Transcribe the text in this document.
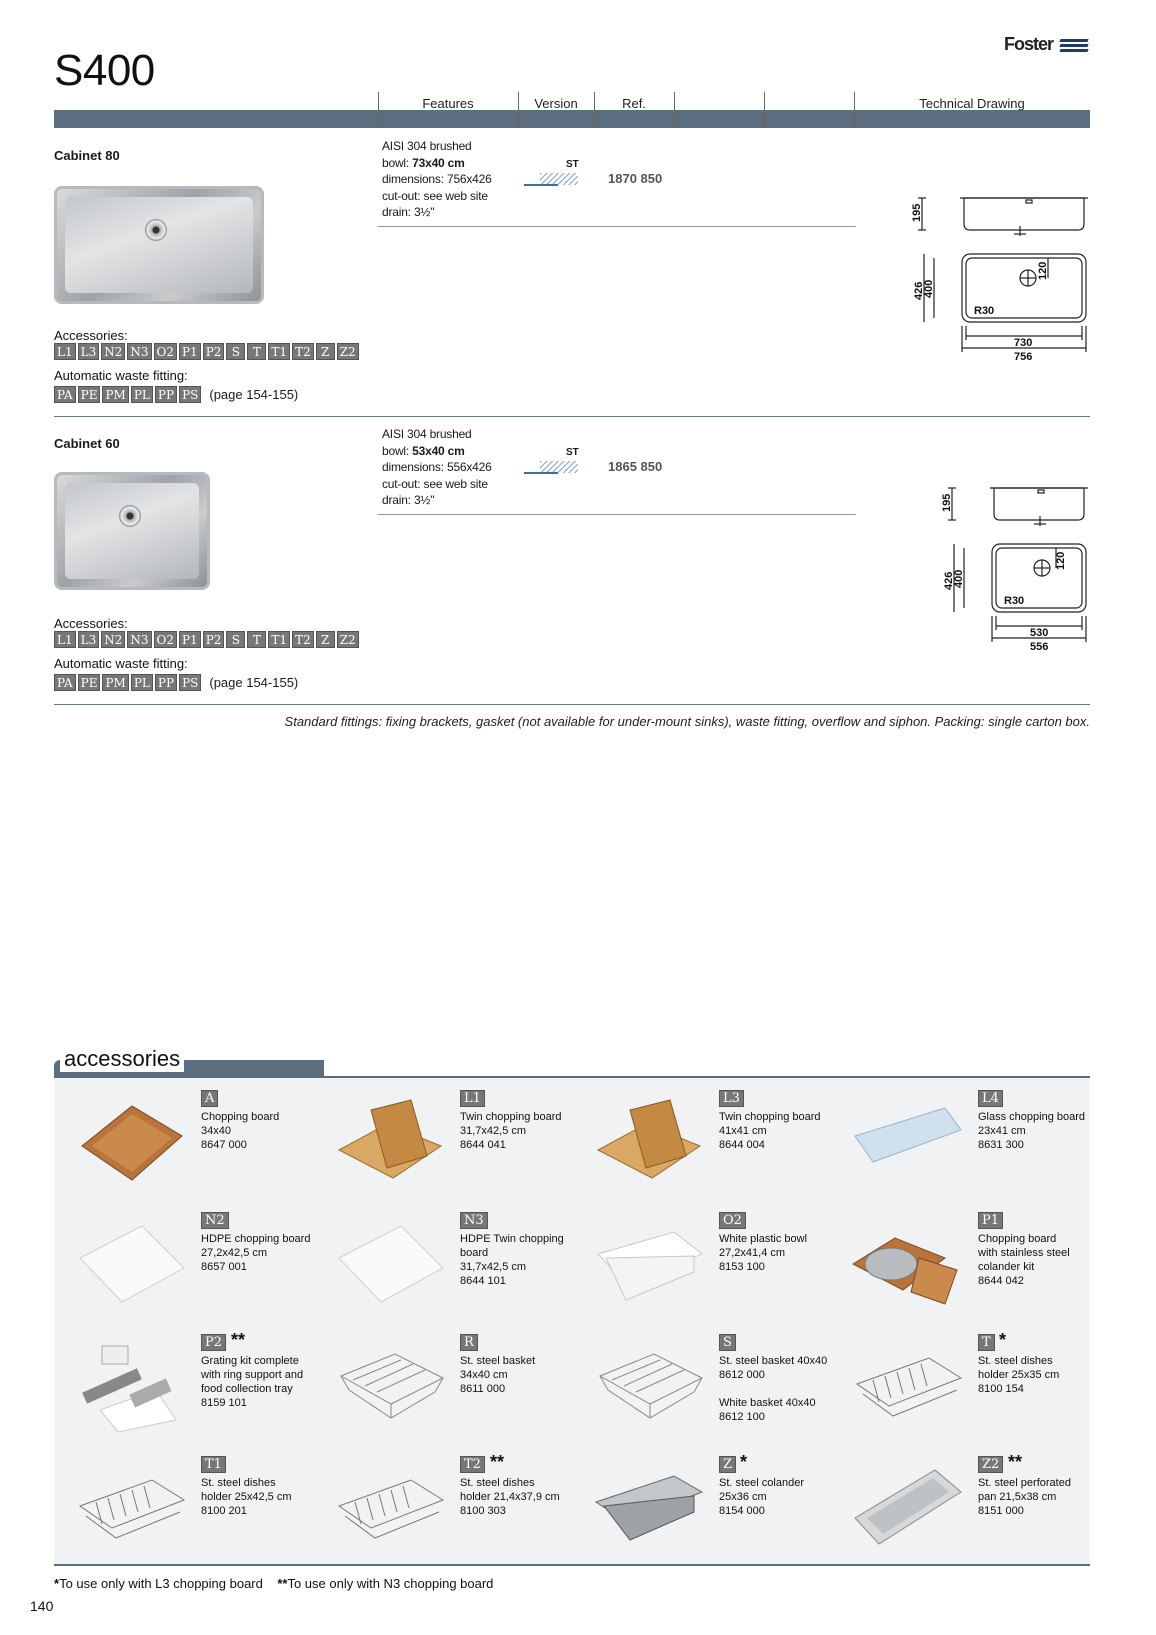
S400
Foster
Features	Version	Ref.	Technical Drawing
Cabinet 80
AISI 304 brushed
bowl: 73x40 cm
dimensions: 756x426
cut-out: see web site
drain: 3½"
ST
1870 850
Accessories:
L1 L3 N2 N3 O2 P1 P2 S	T T1 T2 Z Z2
Automatic waste fitting:
PA PE PM PL PP PS (page 154-155)
195
426
400
120
R30
730
756
Cabinet 60
AISI 304 brushed
bowl: 53x40 cm
dimensions: 556x426
cut-out: see web site
drain: 3½"
ST
1865 850
Accessories:
L1 L3 N2 N3 O2 P1 P2 S	T T1 T2 Z Z2
Automatic waste fitting:
PA PE PM PL PP PS (page 154-155)
195
426
400
120
R30
530
556
Standard fittings: fixing brackets, gasket (not available for under-mount sinks), waste fitting, overflow and siphon. Packing: single carton box.
accessories
A
Chopping board
34x40
8647 000
L1
Twin chopping board
31,7x42,5 cm
8644 041
L3
Twin chopping board
41x41 cm
8644 004
L4
Glass chopping board
23x41 cm
8631 300
N2
HDPE chopping board
27,2x42,5 cm
8657 001
N3
HDPE Twin chopping
board
31,7x42,5 cm
8644 101
O2
White plastic bowl
27,2x41,4 cm
8153 100
P1
Chopping board
with stainless steel
colander kit
8644 042
P2 **
Grating kit complete
with ring support and
food collection tray
8159 101
R
St. steel basket
34x40 cm
8611 000
S
St. steel basket 40x40
8612 000
White basket 40x40
8612 100
T *
St. steel dishes
holder 25x35 cm
8100 154
T1
St. steel dishes
holder 25x42,5 cm
8100 201
T2 **
St. steel dishes
holder 21,4x37,9 cm
8100 303
Z *
St. steel colander
25x36 cm
8154 000
Z2 **
St. steel perforated
pan 21,5x38 cm
8151 000
*To use only with L3 chopping board **To use only with N3 chopping board
140
